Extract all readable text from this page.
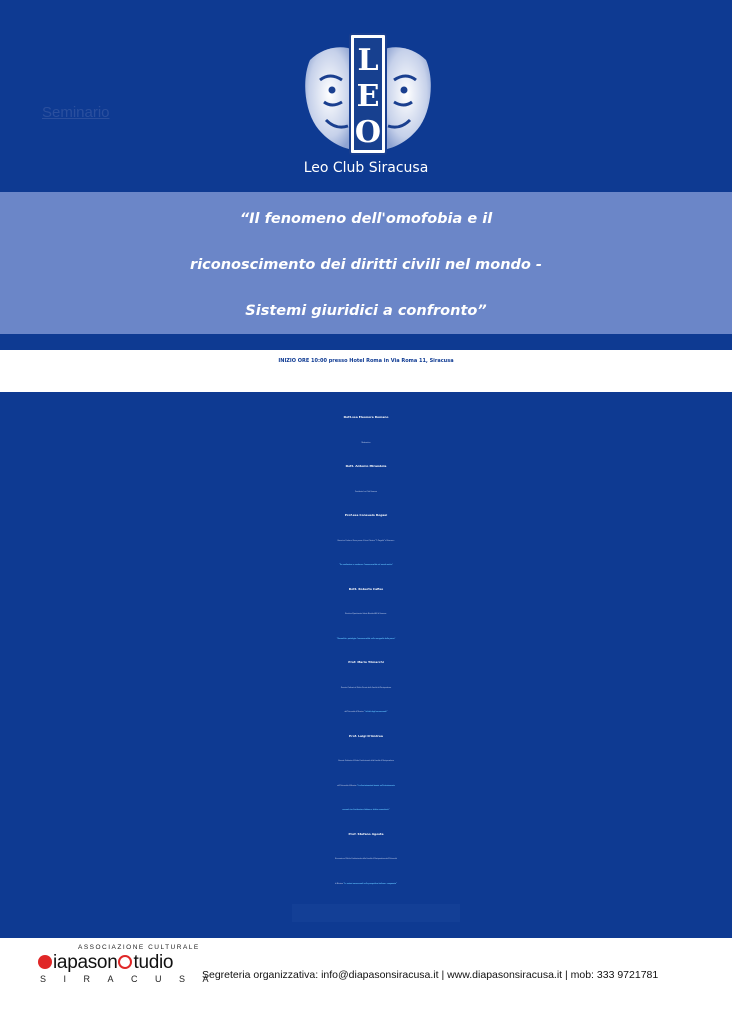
Seminario
L
E
O
Leo Club Siracusa
“Il fenomeno dell'omofobia e il
riconoscimento dei diritti civili nel mondo -
Sistemi giuridici a confronto”
INIZIO ORE 10:00 presso Hotel Roma in Via Roma 11, Siracusa
Dott.ssa Eleonora Romano
Moderatrice
Dott. Antonio Mirandola
Presidente Leo Club Siracusa
Prof.ssa Consuelo Rogasi
Docente di Latino e Greco presso il Liceo Classico “T. Gargallo” di Siracusa -
"Tra esaltazione e condanna: l'omosessualità nel mondo antico"
Dott. Roberto Cafiso
Direttore Dipartimento Salute Mentale ASP di Siracusa -
"Normalità e patologia: l'omosessualità nella nosografia della paura"
Prof. Mario Trimarchi
Docente Ordinario di Diritto Privato della Facoltà di Giurisprudenza
dell'Università di Messina “I diritti degli omosessuali”
Prof. Luigi D'Andrea
Docente Ordinario di Diritto Costituzionale della Facoltà di Giurisprudenza
dell'Università di Messina “Le discriminazioni basate sull'orientamento
sessuale tra Costituzione Italiana e diritto comunitario”
Prof. Stefano Agosta
Ricercatore di Diritto Costituzionale della Facoltà di Giurisprudenza dell'Università
di Messina “Le unioni omosessuali nella prospettiva italiana e comparata”
ASSOCIAZIONE CULTURALE
iapason tudio
SIRACUSA
Segreteria organizzativa: info@diapasonsiracusa.it | www.diapasonsiracusa.it | mob: 333 9721781
